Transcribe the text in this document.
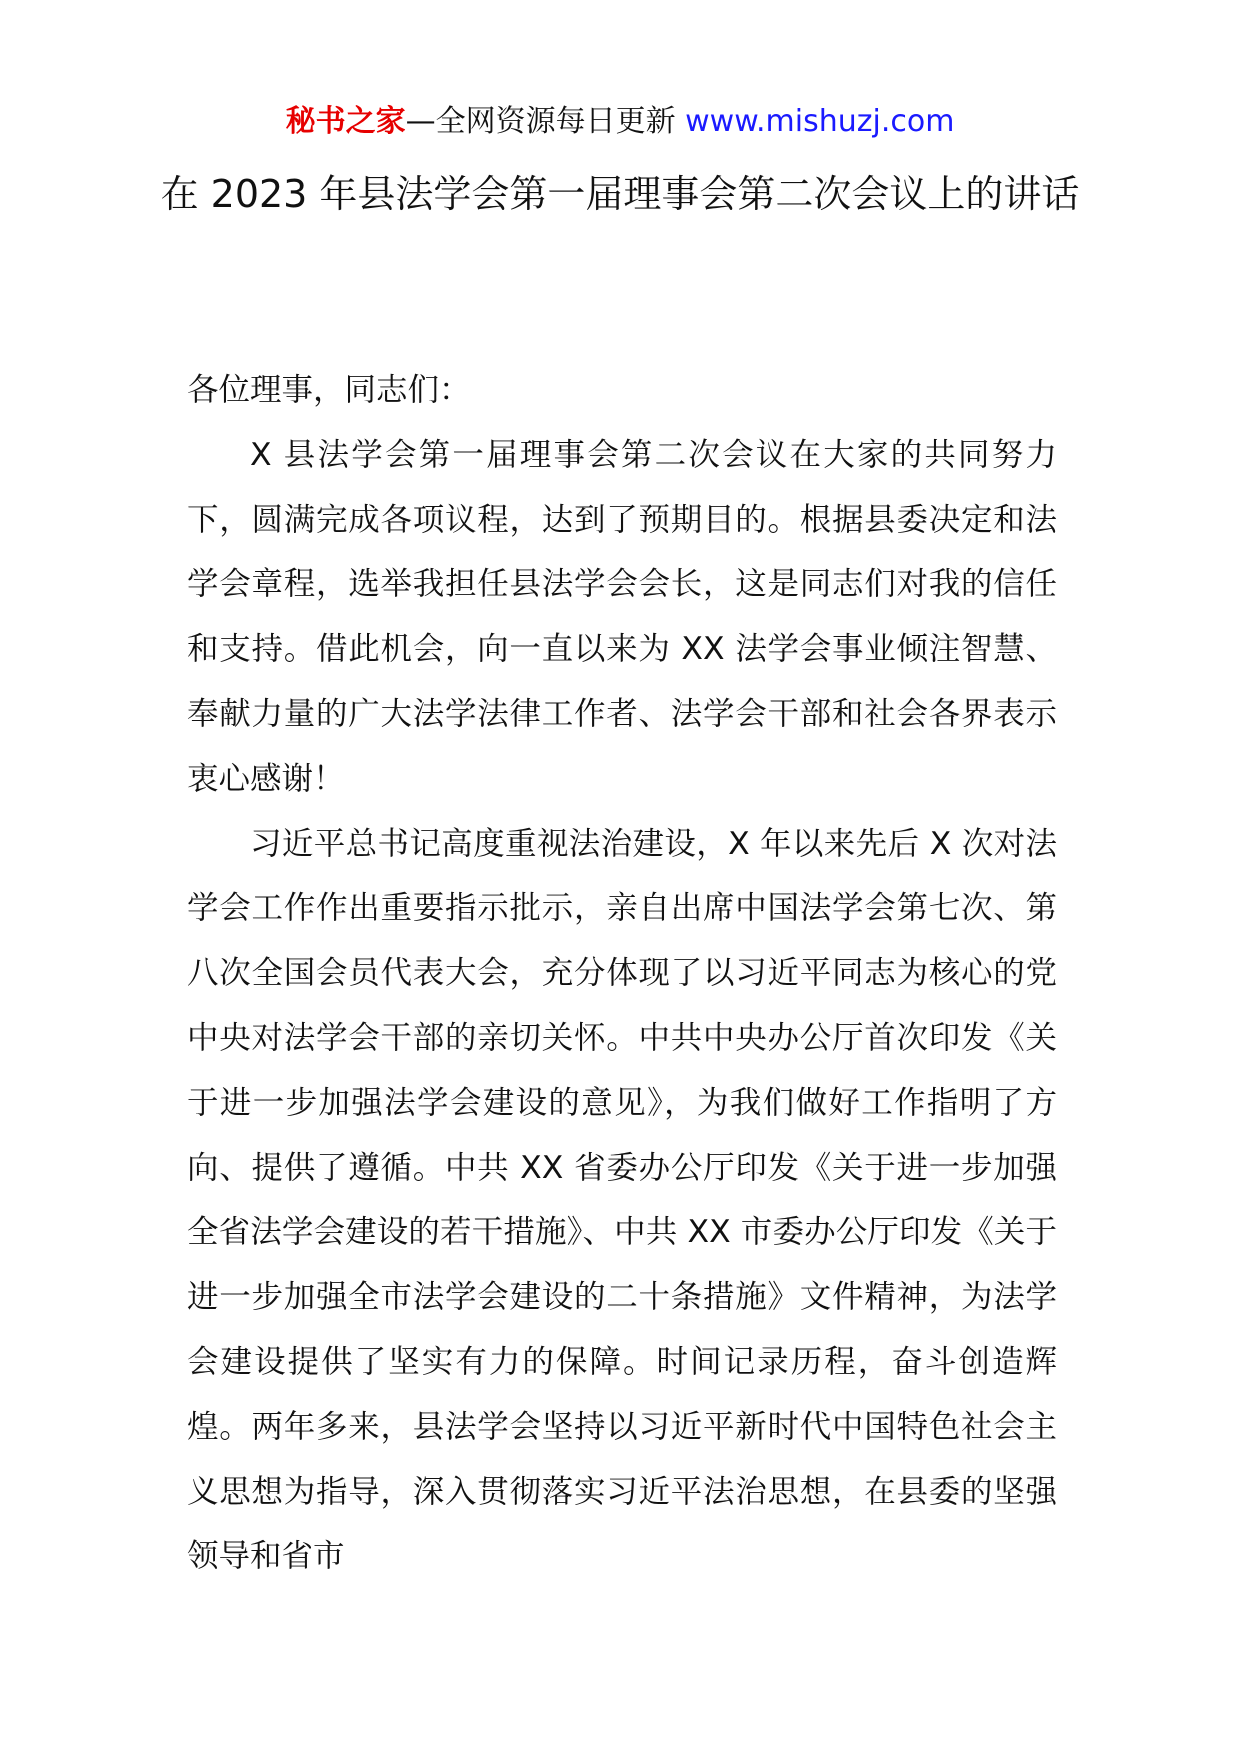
秘书之家—全网资源每日更新 www.mishuzj.com
在 2023 年县法学会第一届理事会第二次会议上的讲话

各位理事，同志们：

X 县法学会第一届理事会第二次会议在大家的共同努力下，圆满完成各项议程，达到了预期目的。根据县委决定和法学会章程，选举我担任县法学会会长，这是同志们对我的信任和支持。借此机会，向一直以来为 XX 法学会事业倾注智慧、奉献力量的广大法学法律工作者、法学会干部和社会各界表示衷心感谢！

习近平总书记高度重视法治建设，X 年以来先后 X 次对法学会工作作出重要指示批示，亲自出席中国法学会第七次、第八次全国会员代表大会，充分体现了以习近平同志为核心的党中央对法学会干部的亲切关怀。中共中央办公厅首次印发《关于进一步加强法学会建设的意见》，为我们做好工作指明了方向、提供了遵循。中共 XX 省委办公厅印发《关于进一步加强全省法学会建设的若干措施》、中共 XX 市委办公厅印发《关于进一步加强全市法学会建设的二十条措施》文件精神，为法学会建设提供了坚实有力的保障。时间记录历程，奋斗创造辉煌。两年多来，县法学会坚持以习近平新时代中国特色社会主义思想为指导，深入贯彻落实习近平法治思想，在县委的坚强领导和省市
